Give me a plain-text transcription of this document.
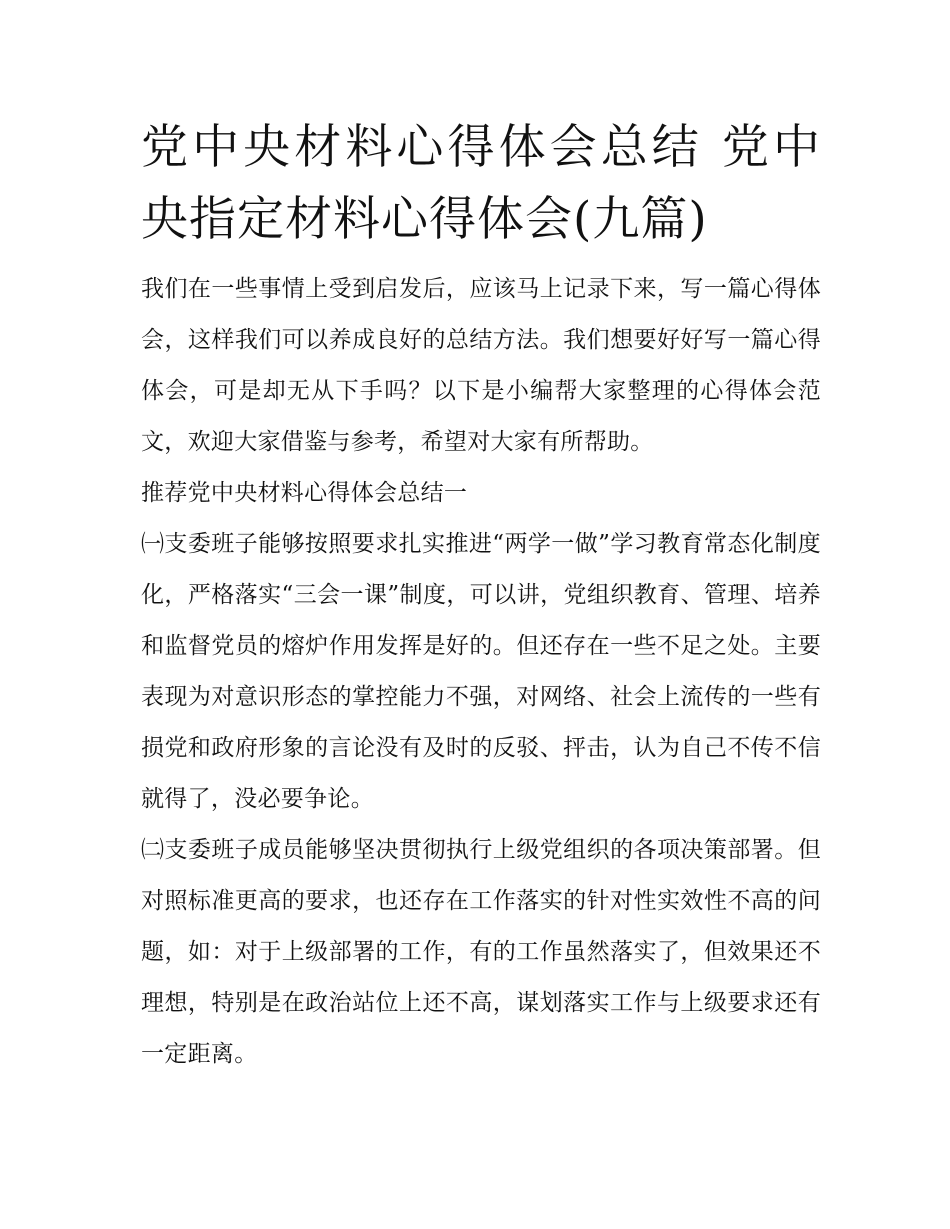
党中央材料心得体会总结 党中央指定材料心得体会(九篇)

我们在一些事情上受到启发后，应该马上记录下来，写一篇心得体会，这样我们可以养成良好的总结方法。我们想要好好写一篇心得体会，可是却无从下手吗？以下是小编帮大家整理的心得体会范文，欢迎大家借鉴与参考，希望对大家有所帮助。

推荐党中央材料心得体会总结一

㈠支委班子能够按照要求扎实推进“两学一做”学习教育常态化制度化，严格落实“三会一课”制度，可以讲，党组织教育、管理、培养和监督党员的熔炉作用发挥是好的。但还存在一些不足之处。主要表现为对意识形态的掌控能力不强，对网络、社会上流传的一些有损党和政府形象的言论没有及时的反驳、抨击，认为自己不传不信就得了，没必要争论。

㈡支委班子成员能够坚决贯彻执行上级党组织的各项决策部署。但对照标准更高的要求，也还存在工作落实的针对性实效性不高的问题，如：对于上级部署的工作，有的工作虽然落实了，但效果还不理想，特别是在政治站位上还不高，谋划落实工作与上级要求还有一定距离。
